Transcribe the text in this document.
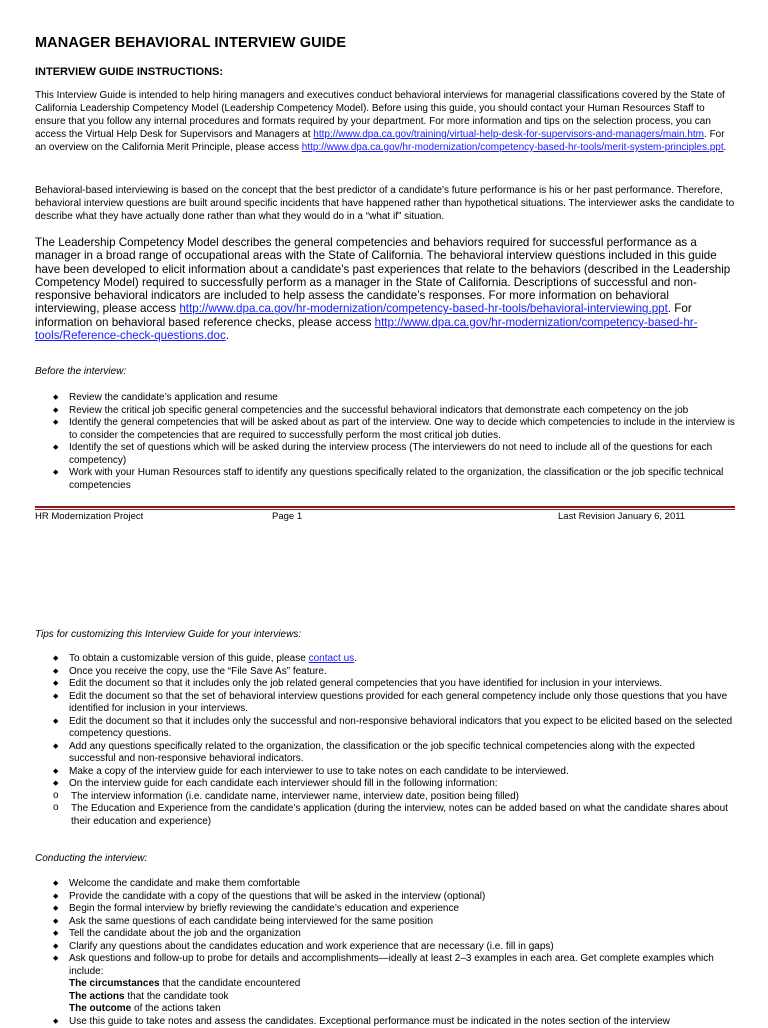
MANAGER BEHAVIORAL INTERVIEW GUIDE
INTERVIEW GUIDE INSTRUCTIONS:

This Interview Guide is intended to help hiring managers and executives conduct behavioral interviews for managerial classifications covered by the State of California Leadership Competency Model (Leadership Competency Model). Before using this guide, you should contact your Human Resources Staff to ensure that you follow any internal procedures and formats required by your department. For more information and tips on the selection process, you can access the Virtual Help Desk for Supervisors and Managers at http://www.dpa.ca.gov/training/virtual-help-desk-for-supervisors-and-managers/main.htm. For an overview on the California Merit Principle, please access http://www.dpa.ca.gov/hr-modernization/competency-based-hr-tools/merit-system-principles.ppt.

Behavioral-based interviewing is based on the concept that the best predictor of a candidate’s future performance is his or her past performance. Therefore, behavioral interview questions are built around specific incidents that have happened rather than hypothetical situations. The interviewer asks the candidate to describe what they have actually done rather than what they would do in a “what if” situation.

The Leadership Competency Model describes the general competencies and behaviors required for successful performance as a manager in a broad range of occupational areas with the State of California. The behavioral interview questions included in this guide have been developed to elicit information about a candidate’s past experiences that relate to the behaviors (described in the Leadership Competency Model) required to successfully perform as a manager in the State of California. Descriptions of successful and non-responsive behavioral indicators are included to help assess the candidate’s responses. For more information on behavioral interviewing, please access http://www.dpa.ca.gov/hr-modernization/competency-based-hr-tools/behavioral-interviewing.ppt. For information on behavioral based reference checks, please access http://www.dpa.ca.gov/hr-modernization/competency-based-hr-tools/Reference-check-questions.doc.

Before the interview:

◆ Review the candidate’s application and resume
◆ Review the critical job specific general competencies and the successful behavioral indicators that demonstrate each competency on the job
◆ Identify the general competencies that will be asked about as part of the interview. One way to decide which competencies to include in the interview is to consider the competencies that are required to successfully perform the most critical job duties.
◆ Identify the set of questions which will be asked during the interview process (The interviewers do not need to include all of the questions for each competency)
◆ Work with your Human Resources staff to identify any questions specifically related to the organization, the classification or the job specific technical competencies
HR Modernization Project	Page 1	Last Revision January 6, 2011

Tips for customizing this Interview Guide for your interviews:

◆ To obtain a customizable version of this guide, please contact us.
◆ Once you receive the copy, use the “File Save As” feature.
◆ Edit the document so that it includes only the job related general competencies that you have identified for inclusion in your interviews.
◆ Edit the document so that the set of behavioral interview questions provided for each general competency include only those questions that you have identified for inclusion in your interviews.
◆ Edit the document so that it includes only the successful and non-responsive behavioral indicators that you expect to be elicited based on the selected competency questions.
◆ Add any questions specifically related to the organization, the classification or the job specific technical competencies along with the expected successful and non-responsive behavioral indicators.
◆ Make a copy of the interview guide for each interviewer to use to take notes on each candidate to be interviewed.
◆ On the interview guide for each candidate each interviewer should fill in the following information:
o The interview information (i.e. candidate name, interviewer name, interview date, position being filled)
o The Education and Experience from the candidate’s application (during the interview, notes can be added based on what the candidate shares about their education and experience)

Conducting the interview:

◆ Welcome the candidate and make them comfortable
◆ Provide the candidate with a copy of the questions that will be asked in the interview (optional)
◆ Begin the formal interview by briefly reviewing the candidate’s education and experience
◆ Ask the same questions of each candidate being interviewed for the same position
◆ Tell the candidate about the job and the organization
◆ Clarify any questions about the candidates education and work experience that are necessary (i.e. fill in gaps)
◆ Ask questions and follow-up to probe for details and accomplishments—ideally at least 2–3 examples in each area. Get complete examples which include:
The circumstances that the candidate encountered
The actions that the candidate took
The outcome of the actions taken
◆ Use this guide to take notes and assess the candidates. Exceptional performance must be indicated in the notes section of the interview
